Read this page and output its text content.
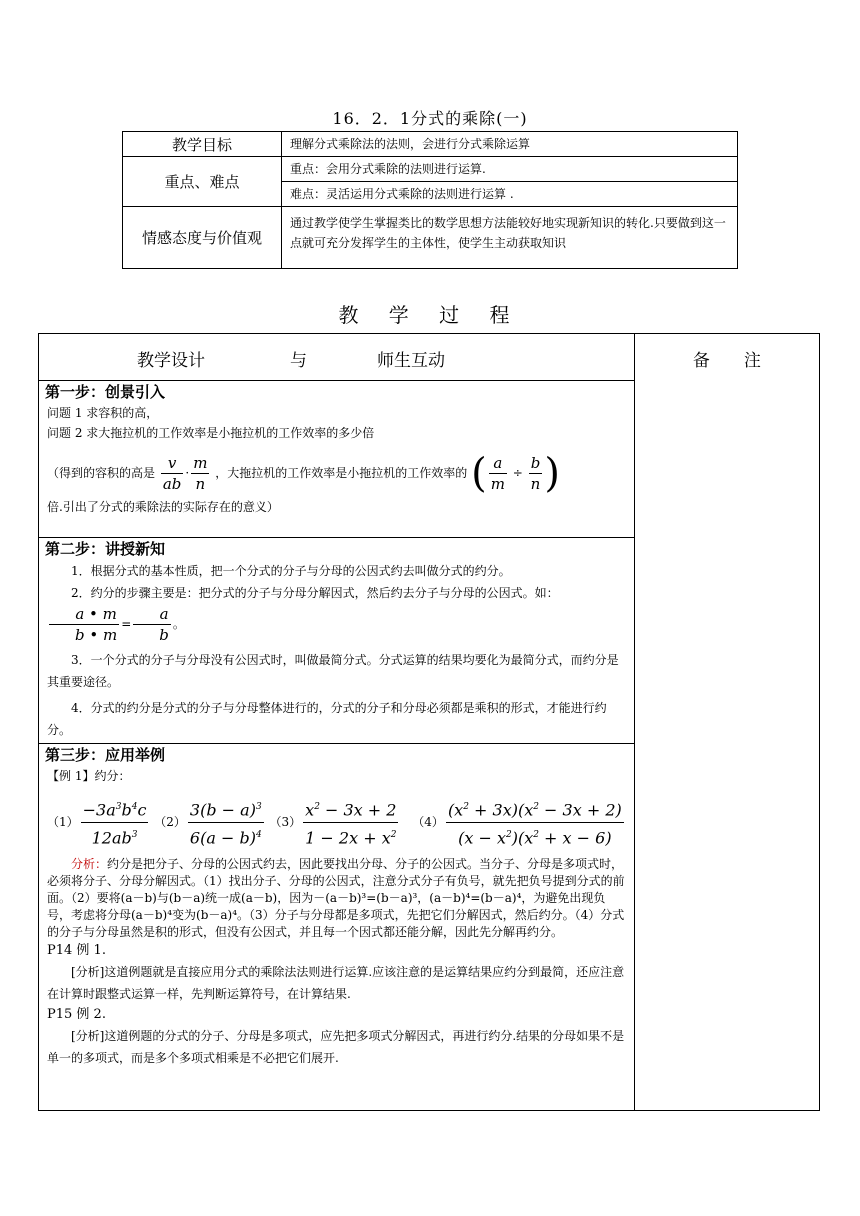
16．2．1分式的乘除(一)
教学目标	理解分式乘除法的法则，会进行分式乘除运算
重点、难点	重点：会用分式乘除的法则进行运算.
	难点：灵活运用分式乘除的法则进行运算 .
情感态度与价值观	通过教学使学生掌握类比的数学思想方法能较好地实现新知识的转化.只要做到这一点就可充分发挥学生的主体性，使学生主动获取知识
教 学 过 程
教学设计	与	师生互动	备　　注

第一步：创景引入
问题 1 求容积的高，
问题 2 求大拖拉机的工作效率是小拖拉机的工作效率的多少倍
（得到的容积的高是 $\frac{v}{ab} \cdot \frac{m}{n}$ ，大拖拉机的工作效率是小拖拉机的工作效率的 ( $\frac{a}{m} \div \frac{b}{n}$ )
倍.引出了分式的乘除法的实际存在的意义）

第二步：讲授新知
1．根据分式的基本性质，把一个分式的分子与分母的公因式约去叫做分式的约分。
2．约分的步骤主要是：把分式的分子与分母分解因式，然后约去分子与分母的公因式。如：
$\frac{a • m}{b • m} = \frac{a}{b}$ 。
3．一个分式的分子与分母没有公因式时，叫做最简分式。分式运算的结果均要化为最简分式，而约分是其重要途径。
4．分式的约分是分式的分子与分母整体进行的，分式的分子和分母必须都是乘积的形式，才能进行约分。

第三步：应用举例
【例 1】约分：
$(1) \frac{-3a^3b^4c}{12ab^3} (2) \frac{3(b - a)^3}{6(a - b)^4} (3) \frac{x^2 - 3x + 2}{1 - 2x + x^2} (4) \frac{(x^2 + 3x)(x^2 - 3x + 2)}{(x - x^2)(x^2 + x - 6)}$
分析：约分是把分子、分母的公因式约去，因此要找出分母、分子的公因式。当分子、分母是多项式时，必须将分子、分母分解因式。（1）找出分子、分母的公因式，注意分式分子有负号，就先把负号提到分式的前面。（2）要将(a－b)与(b－a)统一成(a－b)，因为－(a－b)³=(b－a)³，(a－b)⁴=(b－a)⁴，为避免出现负号，考虑将分母(a－b)⁴变为(b－a)⁴。（3）分子与分母都是多项式，先把它们分解因式，然后约分。（4）分式的分子与分母虽然是积的形式，但没有公因式，并且每一个因式都还能分解，因此先分解再约分。
P14 例 1.
[分析]这道例题就是直接应用分式的乘除法法则进行运算.应该注意的是运算结果应约分到最简，还应注意在计算时跟整式运算一样，先判断运算符号，在计算结果.
P15 例 2.
[分析]这道例题的分式的分子、分母是多项式，应先把多项式分解因式，再进行约分.结果的分母如果不是单一的多项式，而是多个多项式相乘是不必把它们展开.
